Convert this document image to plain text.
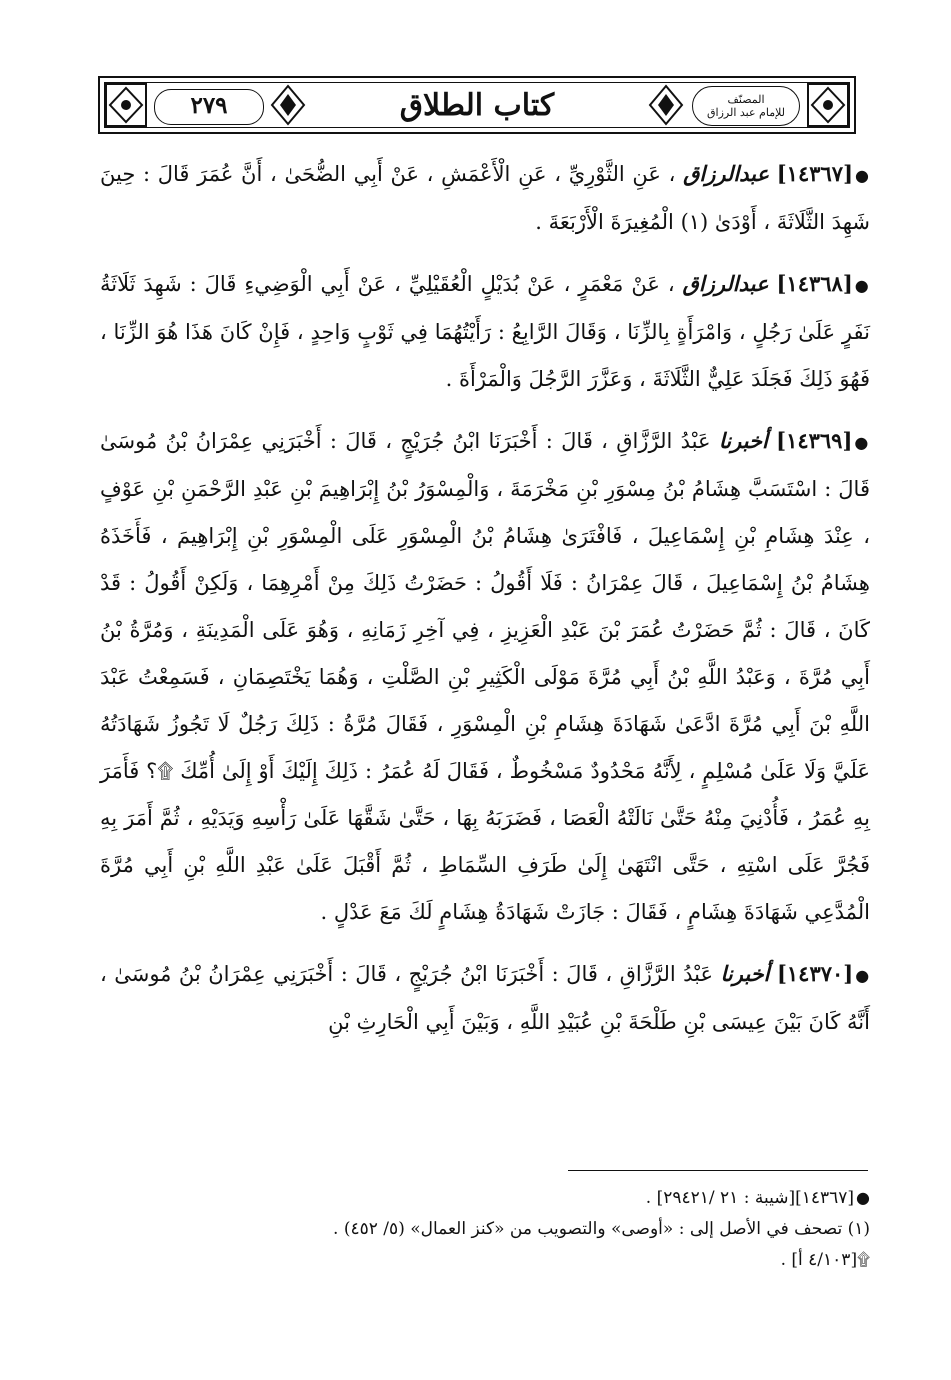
٢٧٩	كتاب الطلاق	المصنّف
للإمام عبد الرزاق

●[١٤٣٦٧] عبدالرزاق ، عَنِ الثَّوْرِيِّ ، عَنِ الْأَعْمَشِ ، عَنْ أَبِي الضُّحَىٰ ، أَنَّ عُمَرَ قَالَ : حِينَ شَهِدَ الثَّلَاثَةَ ، أَوْدَىٰ (١) الْمُغِيرَةَ الْأَرْبَعَةَ .

●[١٤٣٦٨] عبدالرزاق ، عَنْ مَعْمَرٍ ، عَنْ بُدَيْلٍ الْعُقَيْلِيِّ ، عَنْ أَبِي الْوَضِيءِ قَالَ : شَهِدَ ثَلَاثَةُ نَفَرٍ عَلَىٰ رَجُلٍ ، وَامْرَأَةٍ بِالزِّنَا ، وَقَالَ الرَّابِعُ : رَأَيْتُهُمَا فِي ثَوْبٍ وَاحِدٍ ، فَإِنْ كَانَ هَذَا هُوَ الزِّنَا ، فَهُوَ ذَلِكَ فَجَلَدَ عَلِيٌّ الثَّلَاثَةَ ، وَعَزَّرَ الرَّجُلَ وَالْمَرْأَةَ .

●[١٤٣٦٩] أخبرنا عَبْدُ الرَّزَّاقِ ، قَالَ : أَخْبَرَنَا ابْنُ جُرَيْجٍ ، قَالَ : أَخْبَرَنِي عِمْرَانُ بْنُ مُوسَىٰ قَالَ : اسْتَسَبَّ هِشَامُ بْنُ مِسْوَرِ بْنِ مَخْرَمَةَ ، وَالْمِسْوَرُ بْنُ إِبْرَاهِيمَ بْنِ عَبْدِ الرَّحْمَنِ بْنِ عَوْفٍ ، عِنْدَ هِشَامِ بْنِ إِسْمَاعِيلَ ، فَافْتَرَىٰ هِشَامُ بْنُ الْمِسْوَرِ عَلَى الْمِسْوَرِ بْنِ إِبْرَاهِيمَ ، فَأَخَذَهُ هِشَامُ بْنُ إِسْمَاعِيلَ ، قَالَ عِمْرَانُ : فَلَا أَقُولُ : حَضَرْتُ ذَلِكَ مِنْ أَمْرِهِمَا ، وَلَكِنْ أَقُولُ : قَدْ كَانَ ، قَالَ : ثُمَّ حَضَرْتُ عُمَرَ بْنَ عَبْدِ الْعَزِيزِ ، فِي آخِرِ زَمَانِهِ ، وَهُوَ عَلَى الْمَدِينَةِ ، وَمُرَّةُ بْنُ أَبِي مُرَّةَ ، وَعَبْدُ اللَّهِ بْنُ أَبِي مُرَّةَ مَوْلَى الْكَثِيرِ بْنِ الصَّلْتِ ، وَهُمَا يَخْتَصِمَانِ ، فَسَمِعْتُ عَبْدَ اللَّهِ بْنَ أَبِي مُرَّةَ ادَّعَىٰ شَهَادَةَ هِشَامِ بْنِ الْمِسْوَرِ ، فَقَالَ مُرَّةُ : ذَلِكَ رَجُلٌ لَا تَجُوزُ شَهَادَتُهُ عَلَيَّ وَلَا عَلَىٰ مُسْلِمٍ ، لِأَنَّهُ مَحْدُودٌ مَسْخُوطٌ ، فَقَالَ لَهُ عُمَرُ : ذَلِكَ إِلَيْكَ أَوْ إِلَىٰ أُمِّكَ ۩؟ فَأَمَرَ بِهِ عُمَرُ ، فَأُدْنِيَ مِنْهُ حَتَّىٰ نَالَتْهُ الْعَصَا ، فَضَرَبَهُ بِهَا ، حَتَّىٰ شَقَّهَا عَلَىٰ رَأْسِهِ وَيَدَيْهِ ، ثُمَّ أَمَرَ بِهِ فَجُرَّ عَلَى اسْتِهِ ، حَتَّى انْتَهَىٰ إِلَىٰ طَرَفِ السِّمَاطِ ، ثُمَّ أَقْبَلَ عَلَىٰ عَبْدِ اللَّهِ بْنِ أَبِي مُرَّةَ الْمُدَّعِي شَهَادَةَ هِشَامٍ ، فَقَالَ : جَازَتْ شَهَادَةُ هِشَامٍ لَكَ مَعَ عَدْلٍ .

●[١٤٣٧٠] أخبرنا عَبْدُ الرَّزَّاقِ ، قَالَ : أَخْبَرَنَا ابْنُ جُرَيْجٍ ، قَالَ : أَخْبَرَنِي عِمْرَانُ بْنُ مُوسَىٰ ، أَنَّهُ كَانَ بَيْنَ عِيسَى بْنِ طَلْحَةَ بْنِ عُبَيْدِ اللَّهِ ، وَبَيْنَ أَبِي الْحَارِثِ بْنِ

●[١٤٣٦٧][شيبة : ٢١ /٢٩٤٢١] .
(١) تصحف في الأصل إلى : «أوصى» والتصويب من «كنز العمال» (٥/ ٤٥٢) .
۩[٤/١٠٣ أ] .
